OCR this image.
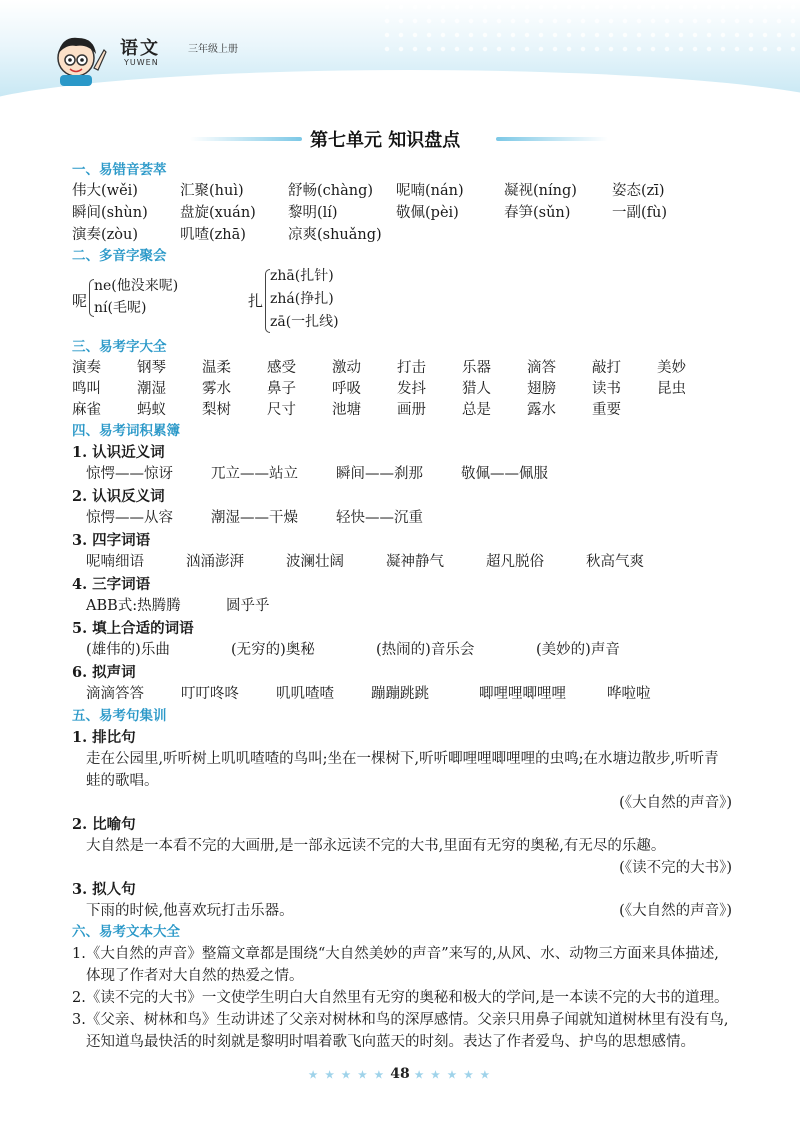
语文
YUWEN
三年级上册
第七单元 知识盘点
一、易错音荟萃
伟大(wěi)	汇聚(huì)	舒畅(chàng)	呢喃(nán)	凝视(níng)	姿态(zī)
瞬间(shùn)	盘旋(xuán)	黎明(lí)	敬佩(pèi)	春笋(sǔn)	一副(fù)
演奏(zòu)	叽喳(zhā)	凉爽(shuǎng)
二、多音字聚会
呢
ne(他没来呢)
ní(毛呢)	扎
zhā(扎针)
zhá(挣扎)
zā(一扎线)
三、易考字大全
演奏	钢琴	温柔	感受	激动	打击	乐器	滴答	敲打	美妙
鸣叫	潮湿	雾水	鼻子	呼吸	发抖	猎人	翅膀	读书	昆虫
麻雀	蚂蚁	梨树	尺寸	池塘	画册	总是	露水	重要
四、易考词积累簿
1. 认识近义词
惊愕——惊讶	兀立——站立	瞬间——刹那	敬佩——佩服
2. 认识反义词
惊愕——从容	潮湿——干燥	轻快——沉重
3. 四字词语
呢喃细语	汹涌澎湃	波澜壮阔	凝神静气	超凡脱俗	秋高气爽
4. 三字词语
ABB式:热腾腾	圆乎乎
5. 填上合适的词语
(雄伟的)乐曲	(无穷的)奥秘	(热闹的)音乐会	(美妙的)声音
6. 拟声词
滴滴答答	叮叮咚咚	叽叽喳喳	蹦蹦跳跳	唧哩哩唧哩哩	哗啦啦
五、易考句集训
1. 排比句
走在公园里,听听树上叽叽喳喳的鸟叫;坐在一棵树下,听听唧哩哩唧哩哩的虫鸣;在水塘边散步,听听青蛙的歌唱。
(《大自然的声音》)
2. 比喻句
大自然是一本看不完的大画册,是一部永远读不完的大书,里面有无穷的奥秘,有无尽的乐趣。
(《读不完的大书》)
3. 拟人句
下雨的时候,他喜欢玩打击乐器。	(《大自然的声音》)
六、易考文本大全
1.《大自然的声音》整篇文章都是围绕“大自然美妙的声音”来写的,从风、水、动物三方面来具体描述,体现了作者对大自然的热爱之情。
2.《读不完的大书》一文使学生明白大自然里有无穷的奥秘和极大的学问,是一本读不完的大书的道理。
3.《父亲、树林和鸟》生动讲述了父亲对树林和鸟的深厚感情。父亲只用鼻子闻就知道树林里有没有鸟,还知道鸟最快活的时刻就是黎明时唱着歌飞向蓝天的时刻。表达了作者爱鸟、护鸟的思想感情。
★ ★ ★ ★ ★ 48 ★ ★ ★ ★ ★
